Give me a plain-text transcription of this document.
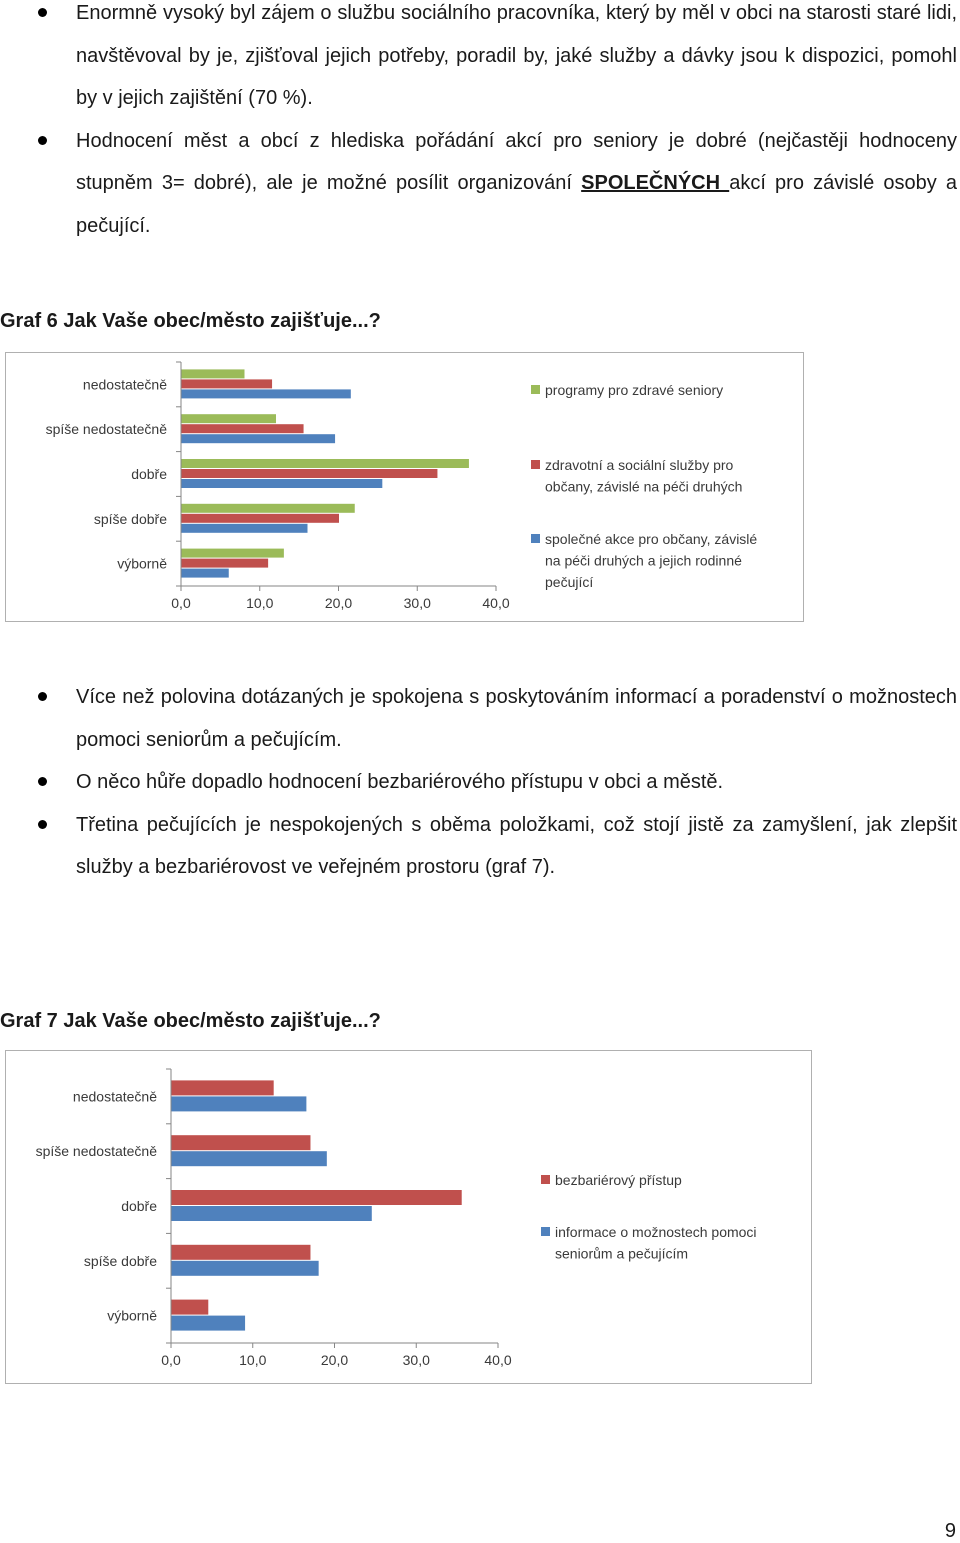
Enormně vysoký byl zájem o službu sociálního pracovníka, který by měl v obci na starosti staré lidi, navštěvoval by je, zjišťoval jejich potřeby, poradil by, jaké služby a dávky jsou k dispozici, pomohl by v jejich zajištění (70 %).
Hodnocení měst a obcí z hlediska pořádání akcí pro seniory je dobré (nejčastěji hodnoceny stupněm 3= dobré), ale je možné posílit organizování SPOLEČNÝCH akcí pro závislé osoby a pečující.

Graf 6 Jak Vaše obec/město zajišťuje...?

0,0	10,0	20,0	30,0	40,0
nedostatečně
spíše nedostatečně
dobře
spíše dobře
výborně
programy pro zdravé seniory
zdravotní a sociální služby pro
občany, závislé na péči druhých
společné akce pro občany, závislé
na péči druhých a jejich rodinné
pečující
Více než polovina dotázaných je spokojena s poskytováním informací a poradenství o možnostech pomoci seniorům a pečujícím.
O něco hůře dopadlo hodnocení bezbariérového přístupu v obci a městě.
Třetina pečujících je nespokojených s oběma položkami, což stojí jistě za zamyšlení, jak zlepšit služby a bezbariérovost ve veřejném prostoru (graf 7).

Graf 7 Jak Vaše obec/město zajišťuje...?

0,0	10,0	20,0	30,0	40,0
nedostatečně
spíše nedostatečně
dobře
spíše dobře
výborně
bezbariérový přístup
informace o možnostech pomoci
seniorům a pečujícím

9
